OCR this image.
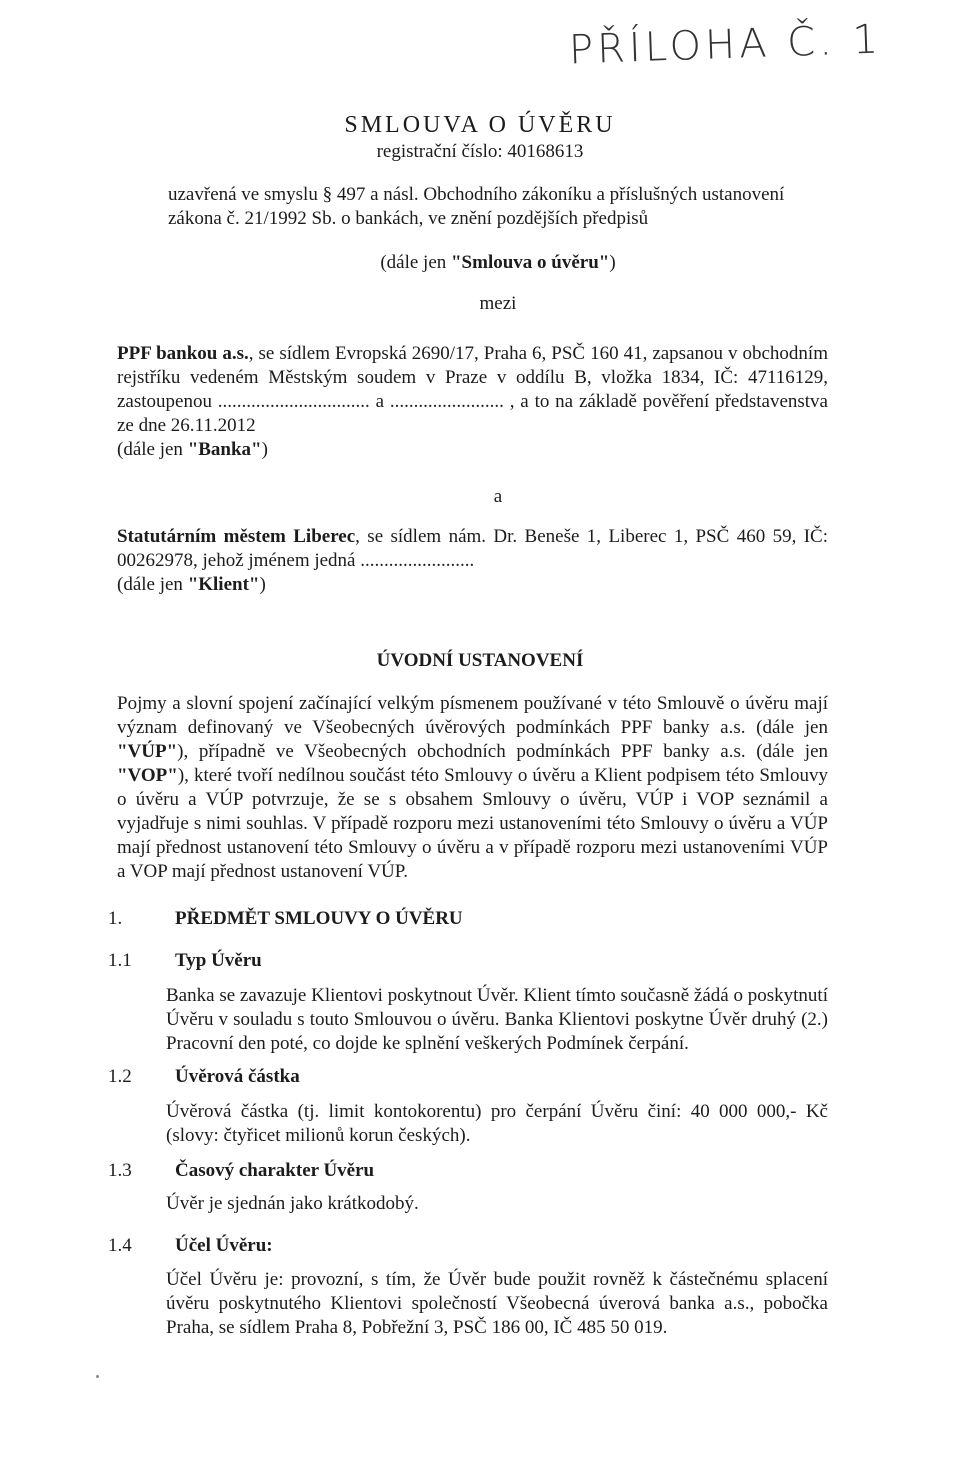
PŘÍLOHA Č. 1
SMLOUVA O ÚVĚRU
registrační číslo: 40168613
uzavřená ve smyslu § 497 a násl. Obchodního zákoníku a příslušných ustanovení zákona č. 21/1992 Sb. o bankách, ve znění pozdějších předpisů
(dále jen "Smlouva o úvěru")
mezi
PPF bankou a.s., se sídlem Evropská 2690/17, Praha 6, PSČ 160 41, zapsanou v obchodním rejstříku vedeném Městským soudem v Praze v oddílu B, vložka 1834, IČ: 47116129, zastoupenou ................................ a ........................ , a to na základě pověření představenstva ze dne 26.11.2012
(dále jen "Banka")
a
Statutárním městem Liberec, se sídlem nám. Dr. Beneše 1, Liberec 1, PSČ 460 59, IČ: 00262978, jehož jménem jedná ........................
(dále jen "Klient")
ÚVODNÍ USTANOVENÍ
Pojmy a slovní spojení začínající velkým písmenem používané v této Smlouvě o úvěru mají význam definovaný ve Všeobecných úvěrových podmínkách PPF banky a.s. (dále jen "VÚP"), případně ve Všeobecných obchodních podmínkách PPF banky a.s. (dále jen "VOP"), které tvoří nedílnou součást této Smlouvy o úvěru a Klient podpisem této Smlouvy o úvěru a VÚP potvrzuje, že se s obsahem Smlouvy o úvěru, VÚP i VOP seznámil a vyjadřuje s nimi souhlas. V případě rozporu mezi ustanoveními této Smlouvy o úvěru a VÚP mají přednost ustanovení této Smlouvy o úvěru a v případě rozporu mezi ustanoveními VÚP a VOP mají přednost ustanovení VÚP.
1.	PŘEDMĚT SMLOUVY O ÚVĚRU
1.1 Typ Úvěru
Banka se zavazuje Klientovi poskytnout Úvěr. Klient tímto současně žádá o poskytnutí Úvěru v souladu s touto Smlouvou o úvěru. Banka Klientovi poskytne Úvěr druhý (2.) Pracovní den poté, co dojde ke splnění veškerých Podmínek čerpání.
1.2 Úvěrová částka
Úvěrová částka (tj. limit kontokorentu) pro čerpání Úvěru činí: 40 000 000,- Kč (slovy: čtyřicet milionů korun českých).
1.3 Časový charakter Úvěru
Úvěr je sjednán jako krátkodobý.
1.4 Účel Úvěru:
Účel Úvěru je: provozní, s tím, že Úvěr bude použit rovněž k částečnému splacení úvěru poskytnutého Klientovi společností Všeobecná úverová banka a.s., pobočka Praha, se sídlem Praha 8, Pobřežní 3, PSČ 186 00, IČ 485 50 019.
